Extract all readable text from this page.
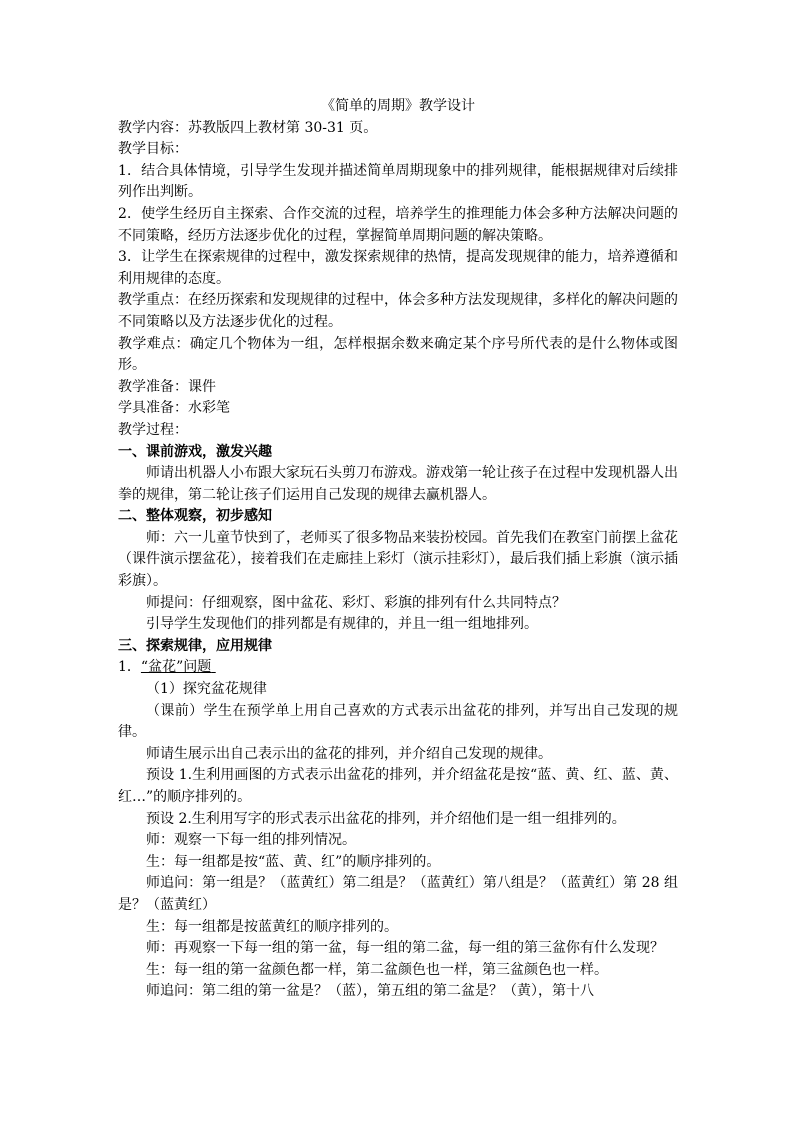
《简单的周期》教学设计

教学内容：苏教版四上教材第 30-31 页。

教学目标：

1．结合具体情境，引导学生发现并描述简单周期现象中的排列规律，能根据规律对后续排列作出判断。

2．使学生经历自主探索、合作交流的过程，培养学生的推理能力体会多种方法解决问题的不同策略，经历方法逐步优化的过程，掌握简单周期问题的解决策略。

3．让学生在探索规律的过程中，激发探索规律的热情，提高发现规律的能力，培养遵循和利用规律的态度。

教学重点：在经历探索和发现规律的过程中，体会多种方法发现规律，多样化的解决问题的不同策略以及方法逐步优化的过程。

教学难点：确定几个物体为一组，怎样根据余数来确定某个序号所代表的是什么物体或图形。

教学准备：课件

学具准备：水彩笔

教学过程：

一、课前游戏，激发兴趣

师请出机器人小布跟大家玩石头剪刀布游戏。游戏第一轮让孩子在过程中发现机器人出拳的规律，第二轮让孩子们运用自己发现的规律去赢机器人。

二、整体观察，初步感知

师：六一儿童节快到了，老师买了很多物品来装扮校园。首先我们在教室门前摆上盆花（课件演示摆盆花），接着我们在走廊挂上彩灯（演示挂彩灯），最后我们插上彩旗（演示插彩旗）。

师提问：仔细观察，图中盆花、彩灯、彩旗的排列有什么共同特点？

引导学生发现他们的排列都是有规律的，并且一组一组地排列。

三、探索规律，应用规律

1．“盆花”问题

（1）探究盆花规律

（课前）学生在预学单上用自己喜欢的方式表示出盆花的排列，并写出自己发现的规律。

师请生展示出自己表示出的盆花的排列，并介绍自己发现的规律。

预设 1.生利用画图的方式表示出盆花的排列，并介绍盆花是按“蓝、黄、红、蓝、黄、红…”的顺序排列的。

预设 2.生利用写字的形式表示出盆花的排列，并介绍他们是一组一组排列的。

师：观察一下每一组的排列情况。

生：每一组都是按“蓝、黄、红”的顺序排列的。

师追问：第一组是？（蓝黄红）第二组是？（蓝黄红）第八组是？（蓝黄红）第 28 组是？（蓝黄红）

生：每一组都是按蓝黄红的顺序排列的。

师：再观察一下每一组的第一盆，每一组的第二盆，每一组的第三盆你有什么发现？

生：每一组的第一盆颜色都一样，第二盆颜色也一样，第三盆颜色也一样。

师追问：第二组的第一盆是？（蓝），第五组的第二盆是？（黄），第十八
